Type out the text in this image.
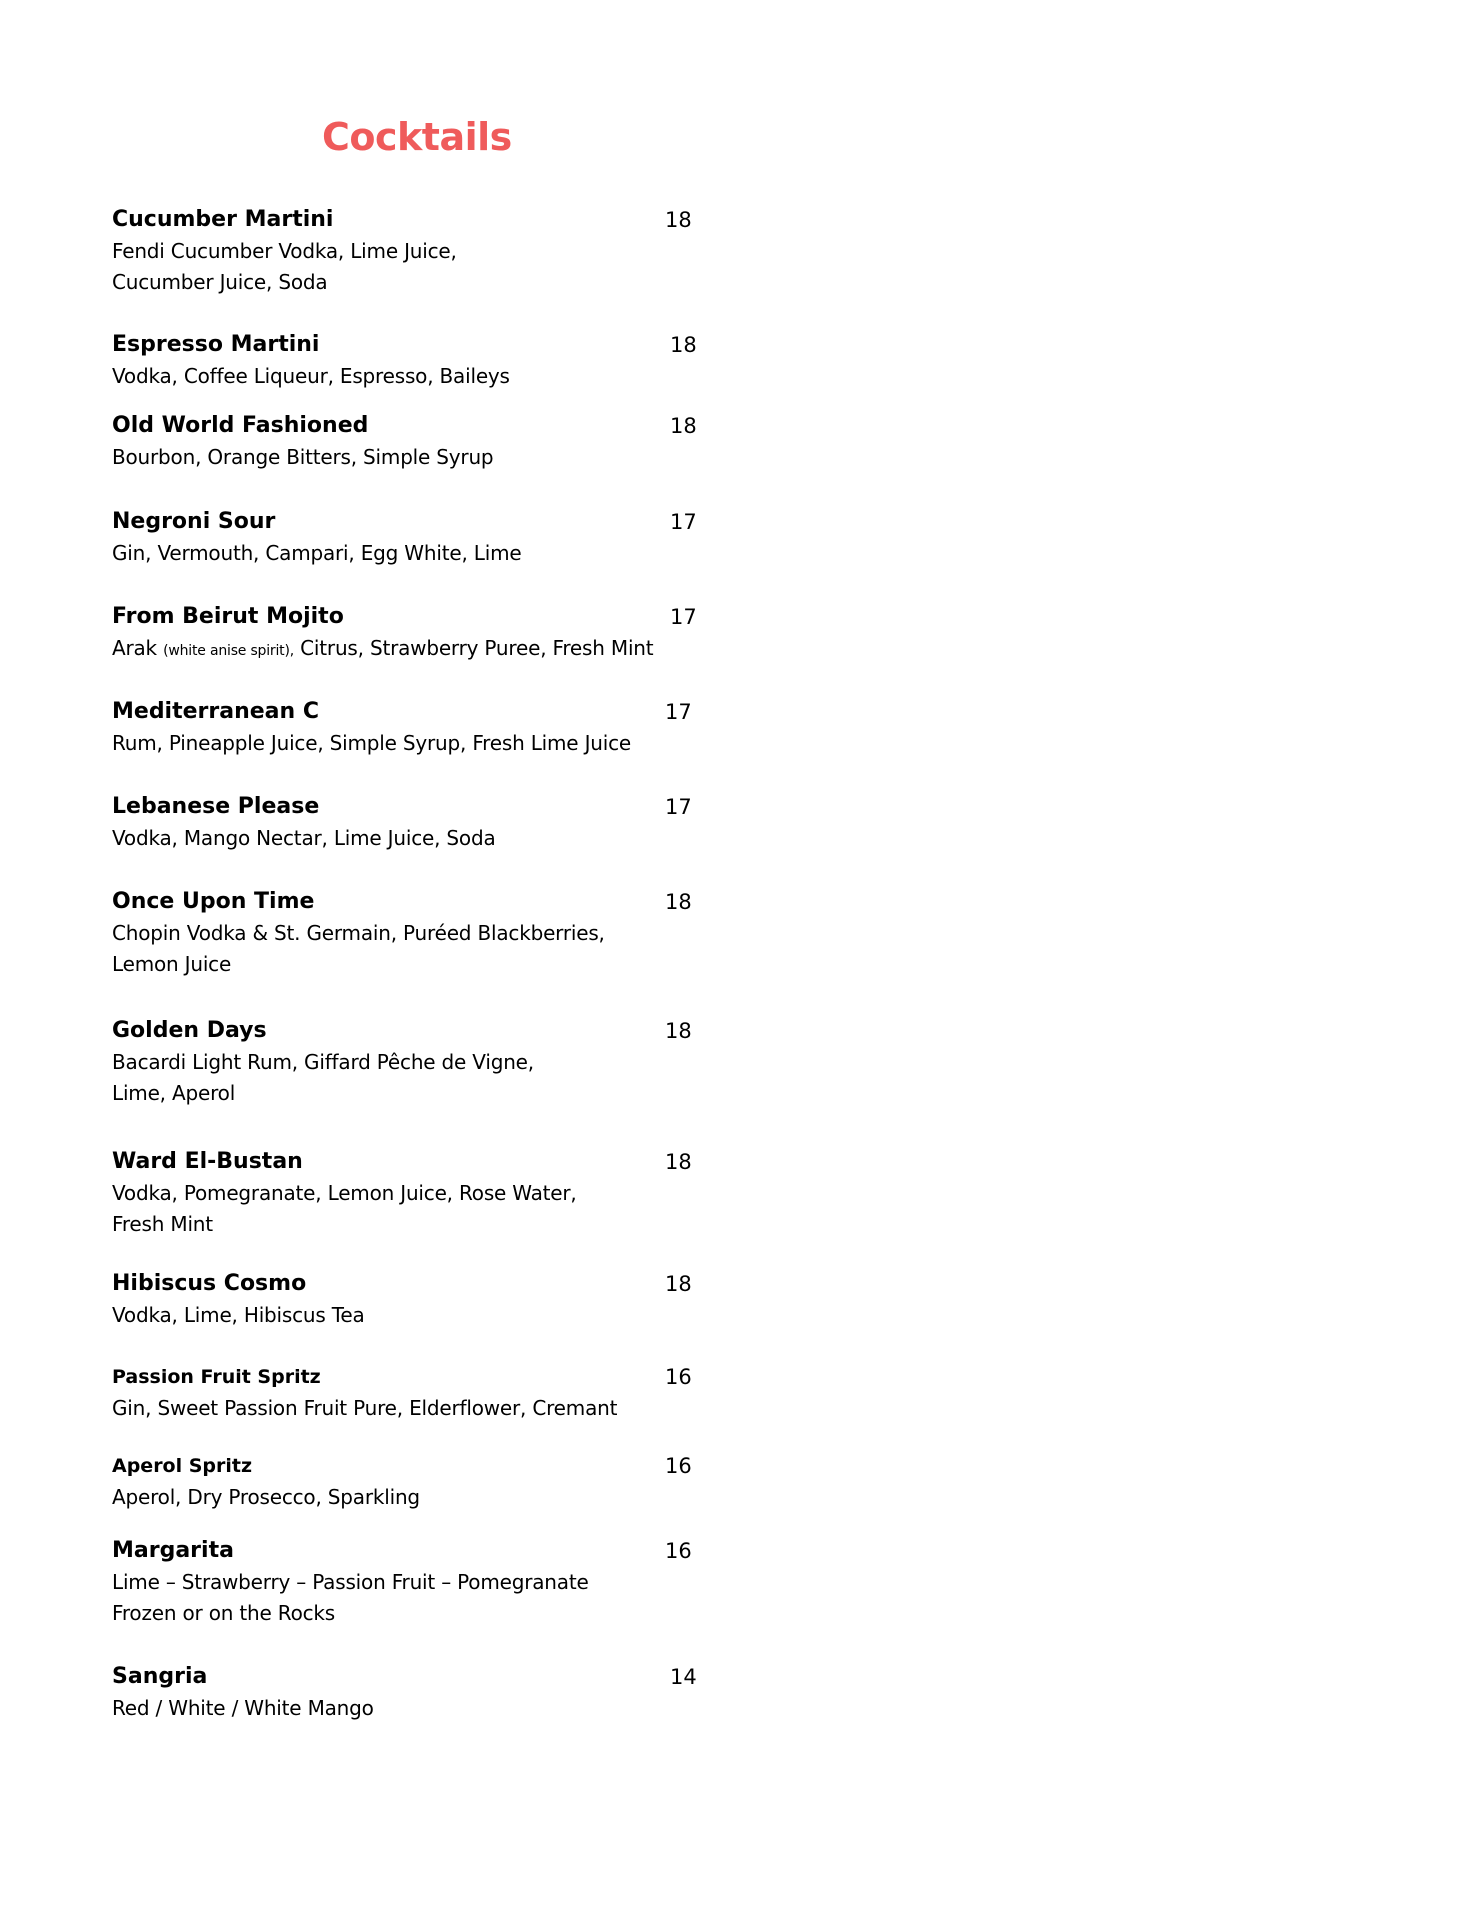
Cocktails
Cucumber Martini	18
Fendi Cucumber Vodka, Lime Juice,
Cucumber Juice, Soda
Espresso Martini	18
Vodka, Coffee Liqueur, Espresso, Baileys
Old World Fashioned	18
Bourbon, Orange Bitters, Simple Syrup
Negroni Sour	17
Gin, Vermouth, Campari, Egg White, Lime
From Beirut Mojito	17
Arak (white anise spirit), Citrus, Strawberry Puree, Fresh Mint
Mediterranean C	17
Rum, Pineapple Juice, Simple Syrup, Fresh Lime Juice
Lebanese Please	17
Vodka, Mango Nectar, Lime Juice, Soda
Once Upon Time	18
Chopin Vodka & St. Germain, Puréed Blackberries,
Lemon Juice
Golden Days	18
Bacardi Light Rum, Giffard Pêche de Vigne,
Lime, Aperol
Ward El-Bustan	18
Vodka, Pomegranate, Lemon Juice, Rose Water,
Fresh Mint
Hibiscus Cosmo	18
Vodka, Lime, Hibiscus Tea
Passion Fruit Spritz	16
Gin, Sweet Passion Fruit Pure, Elderflower, Cremant
Aperol Spritz	16
Aperol, Dry Prosecco, Sparkling
Margarita	16
Lime – Strawberry – Passion Fruit – Pomegranate
Frozen or on the Rocks
Sangria	14
Red / White / White Mango
